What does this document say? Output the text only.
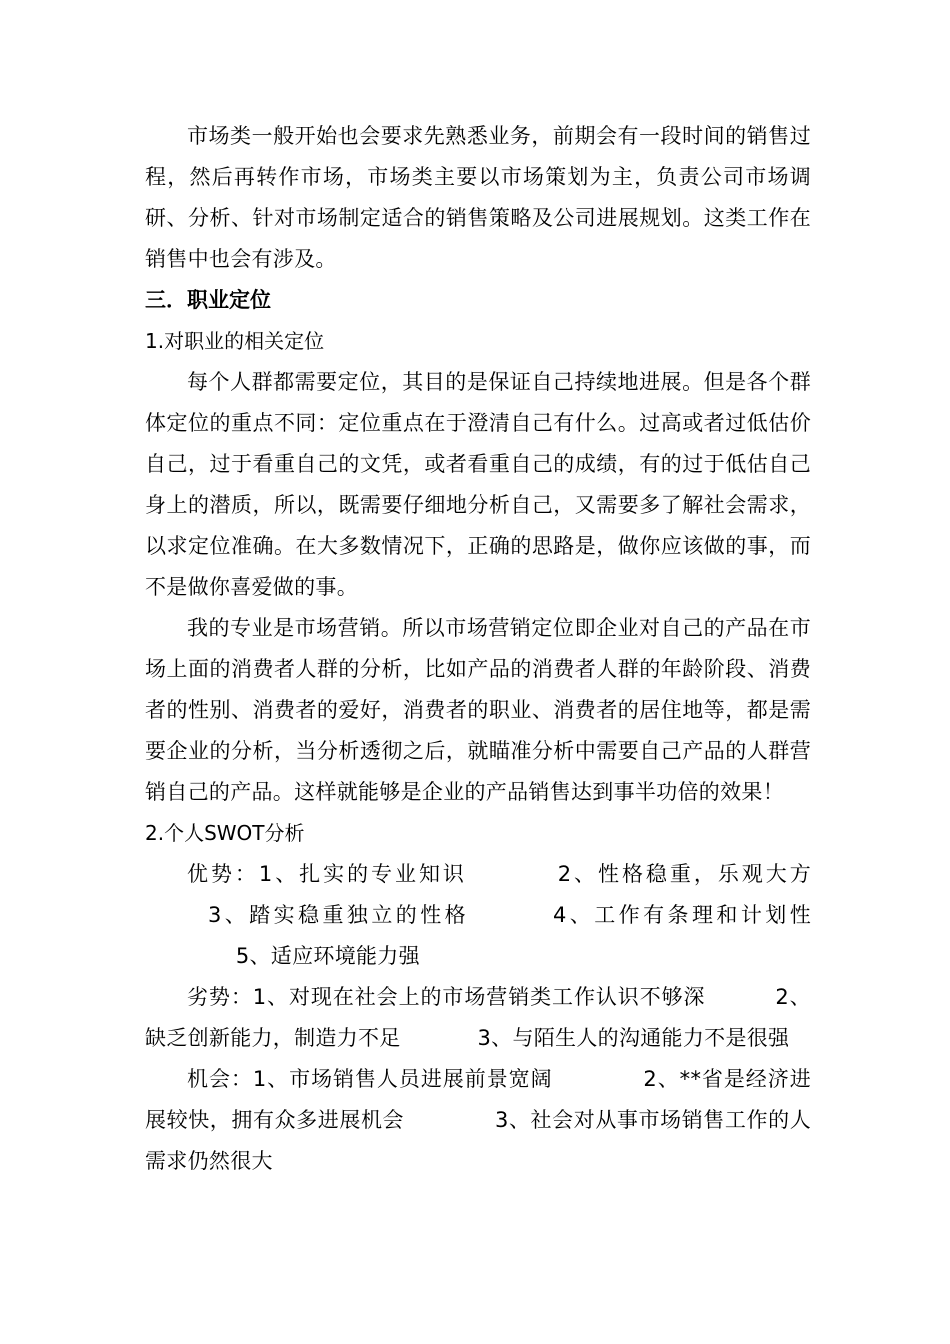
市场类一般开始也会要求先熟悉业务，前期会有一段时间的销售过程，然后再转作市场，市场类主要以市场策划为主，负责公司市场调研、分析、针对市场制定适合的销售策略及公司进展规划。这类工作在销售中也会有涉及。

三．职业定位

1.对职业的相关定位

每个人群都需要定位，其目的是保证自己持续地进展。但是各个群体定位的重点不同：定位重点在于澄清自己有什么。过高或者过低估价自己，过于看重自己的文凭，或者看重自己的成绩，有的过于低估自己身上的潜质，所以，既需要仔细地分析自己，又需要多了解社会需求，以求定位准确。在大多数情况下，正确的思路是，做你应该做的事，而不是做你喜爱做的事。

我的专业是市场营销。所以市场营销定位即企业对自己的产品在市场上面的消费者人群的分析，比如产品的消费者人群的年龄阶段、消费者的性别、消费者的爱好，消费者的职业、消费者的居住地等，都是需要企业的分析，当分析透彻之后，就瞄准分析中需要自己产品的人群营销自己的产品。这样就能够是企业的产品销售达到事半功倍的效果！

2.个人SWOT分析

优势：1、扎实的专业知识	2、性格稳重，乐观大方   3、踏实稳重独立的性格	4、工作有条理和计划性       5、适应环境能力强

劣势：1、对现在社会上的市场营销类工作认识不够深	2、缺乏创新能力，制造力不足	3、与陌生人的沟通能力不是很强

机会：1、市场销售人员进展前景宽阔	2、**省是经济进展较快，拥有众多进展机会	3、社会对从事市场销售工作的人需求仍然很大
